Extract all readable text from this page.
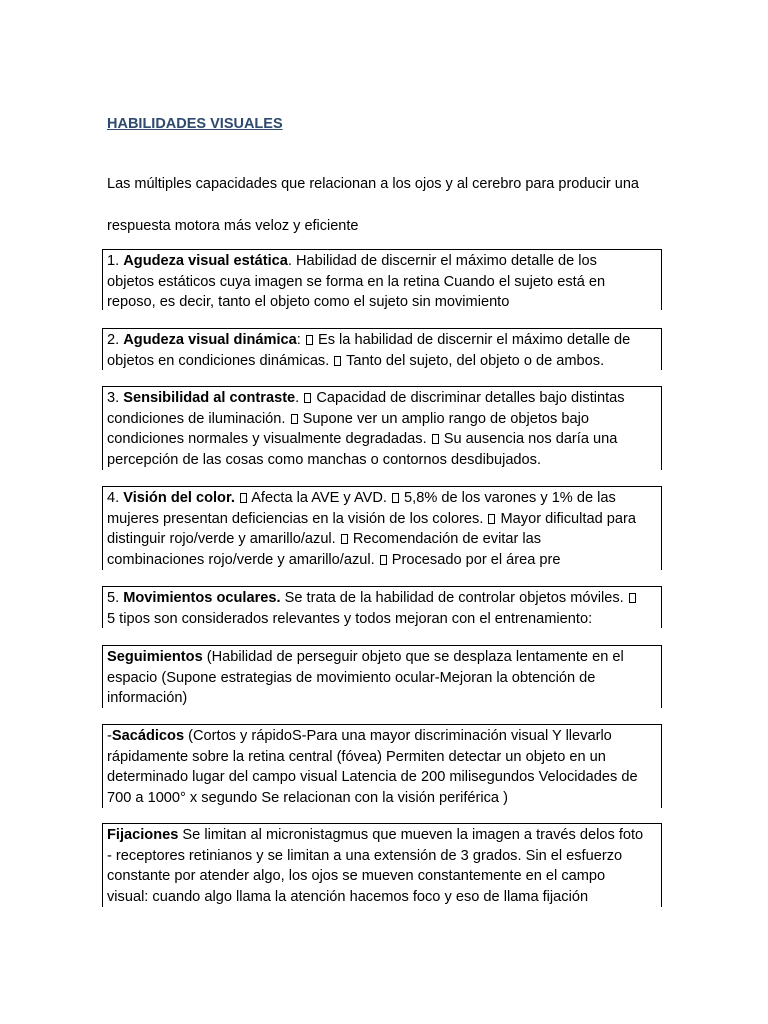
HABILIDADES VISUALES

Las múltiples capacidades que relacionan a los ojos y al cerebro para producir una

respuesta motora más veloz y eficiente

1. Agudeza visual estática. Habilidad de discernir el máximo detalle de los
objetos estáticos cuya imagen se forma en la retina Cuando el sujeto está en
reposo, es decir, tanto el objeto como el sujeto sin movimiento
2. Agudeza visual dinámica:  Es la habilidad de discernir el máximo detalle de
objetos en condiciones dinámicas.  Tanto del sujeto, del objeto o de ambos.
3. Sensibilidad al contraste.  Capacidad de discriminar detalles bajo distintas
condiciones de iluminación.  Supone ver un amplio rango de objetos bajo
condiciones normales y visualmente degradadas.  Su ausencia nos daría una
percepción de las cosas como manchas o contornos desdibujados.
4. Visión del color.  Afecta la AVE y AVD.  5,8% de los varones y 1% de las
mujeres presentan deficiencias en la visión de los colores.  Mayor dificultad para
distinguir rojo/verde y amarillo/azul.  Recomendación de evitar las
combinaciones rojo/verde y amarillo/azul.  Procesado por el área pre
5. Movimientos oculares. Se trata de la habilidad de controlar objetos móviles.
5 tipos son considerados relevantes y todos mejoran con el entrenamiento:
Seguimientos (Habilidad de perseguir objeto que se desplaza lentamente en el
espacio (Supone estrategias de movimiento ocular-Mejoran la obtención de
información)
-Sacádicos (Cortos y rápidoS-Para una mayor discriminación visual Y llevarlo
rápidamente sobre la retina central (fóvea) Permiten detectar un objeto en un
determinado lugar del campo visual Latencia de 200 milisegundos Velocidades de
700 a 1000° x segundo Se relacionan con la visión periférica )
Fijaciones Se limitan al micronistagmus que mueven la imagen a través delos foto
- receptores retinianos y se limitan a una extensión de 3 grados. Sin el esfuerzo
constante por atender algo, los ojos se mueven constantemente en el campo
visual: cuando algo llama la atención hacemos foco y eso de llama fijación
